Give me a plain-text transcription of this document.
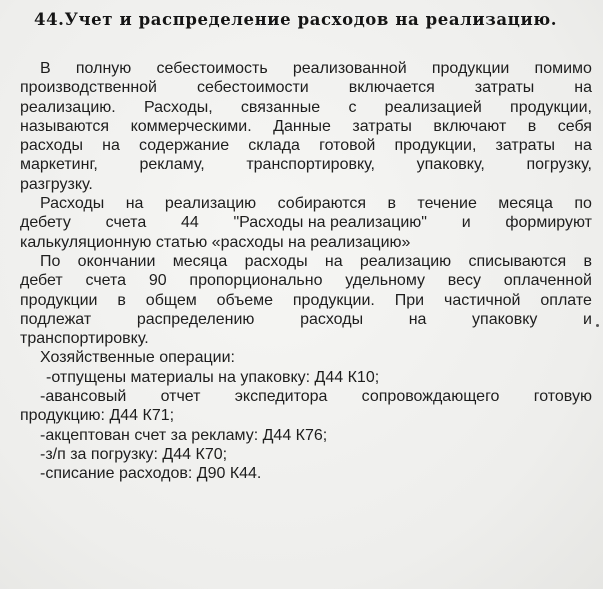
44.Учет и распределение расходов на реализацию.
В полную себестоимость реализованной продукции помимо
производственной себестоимости включается затраты на
реализацию. Расходы, связанные с реализацией продукции,
называются коммерческими. Данные затраты включают в себя
расходы на содержание склада готовой продукции, затраты на
маркетинг,	рекламу,	транспортировку,	упаковку,	погрузку,
разгрузку.
Расходы на реализацию собираются в течение месяца по
дебету счета 44 "Расходы на реализацию" и формируют
калькуляционную статью «расходы на реализацию»
По окончании месяца расходы на реализацию списываются в
дебет счета 90 пропорционально удельному весу оплаченной
продукции в общем объеме продукции. При частичной оплате
подлежат	распределению	расходы	на	упаковку	и
транспортировку.
Хозяйственные операции:
-отпущены материалы на упаковку: Д44 К10;
-авансовый отчет экспедитора сопровождающего готовую
продукцию: Д44 К71;
-акцептован счет за рекламу: Д44 К76;
-з/п за погрузку: Д44 К70;
-списание расходов: Д90 К44.
